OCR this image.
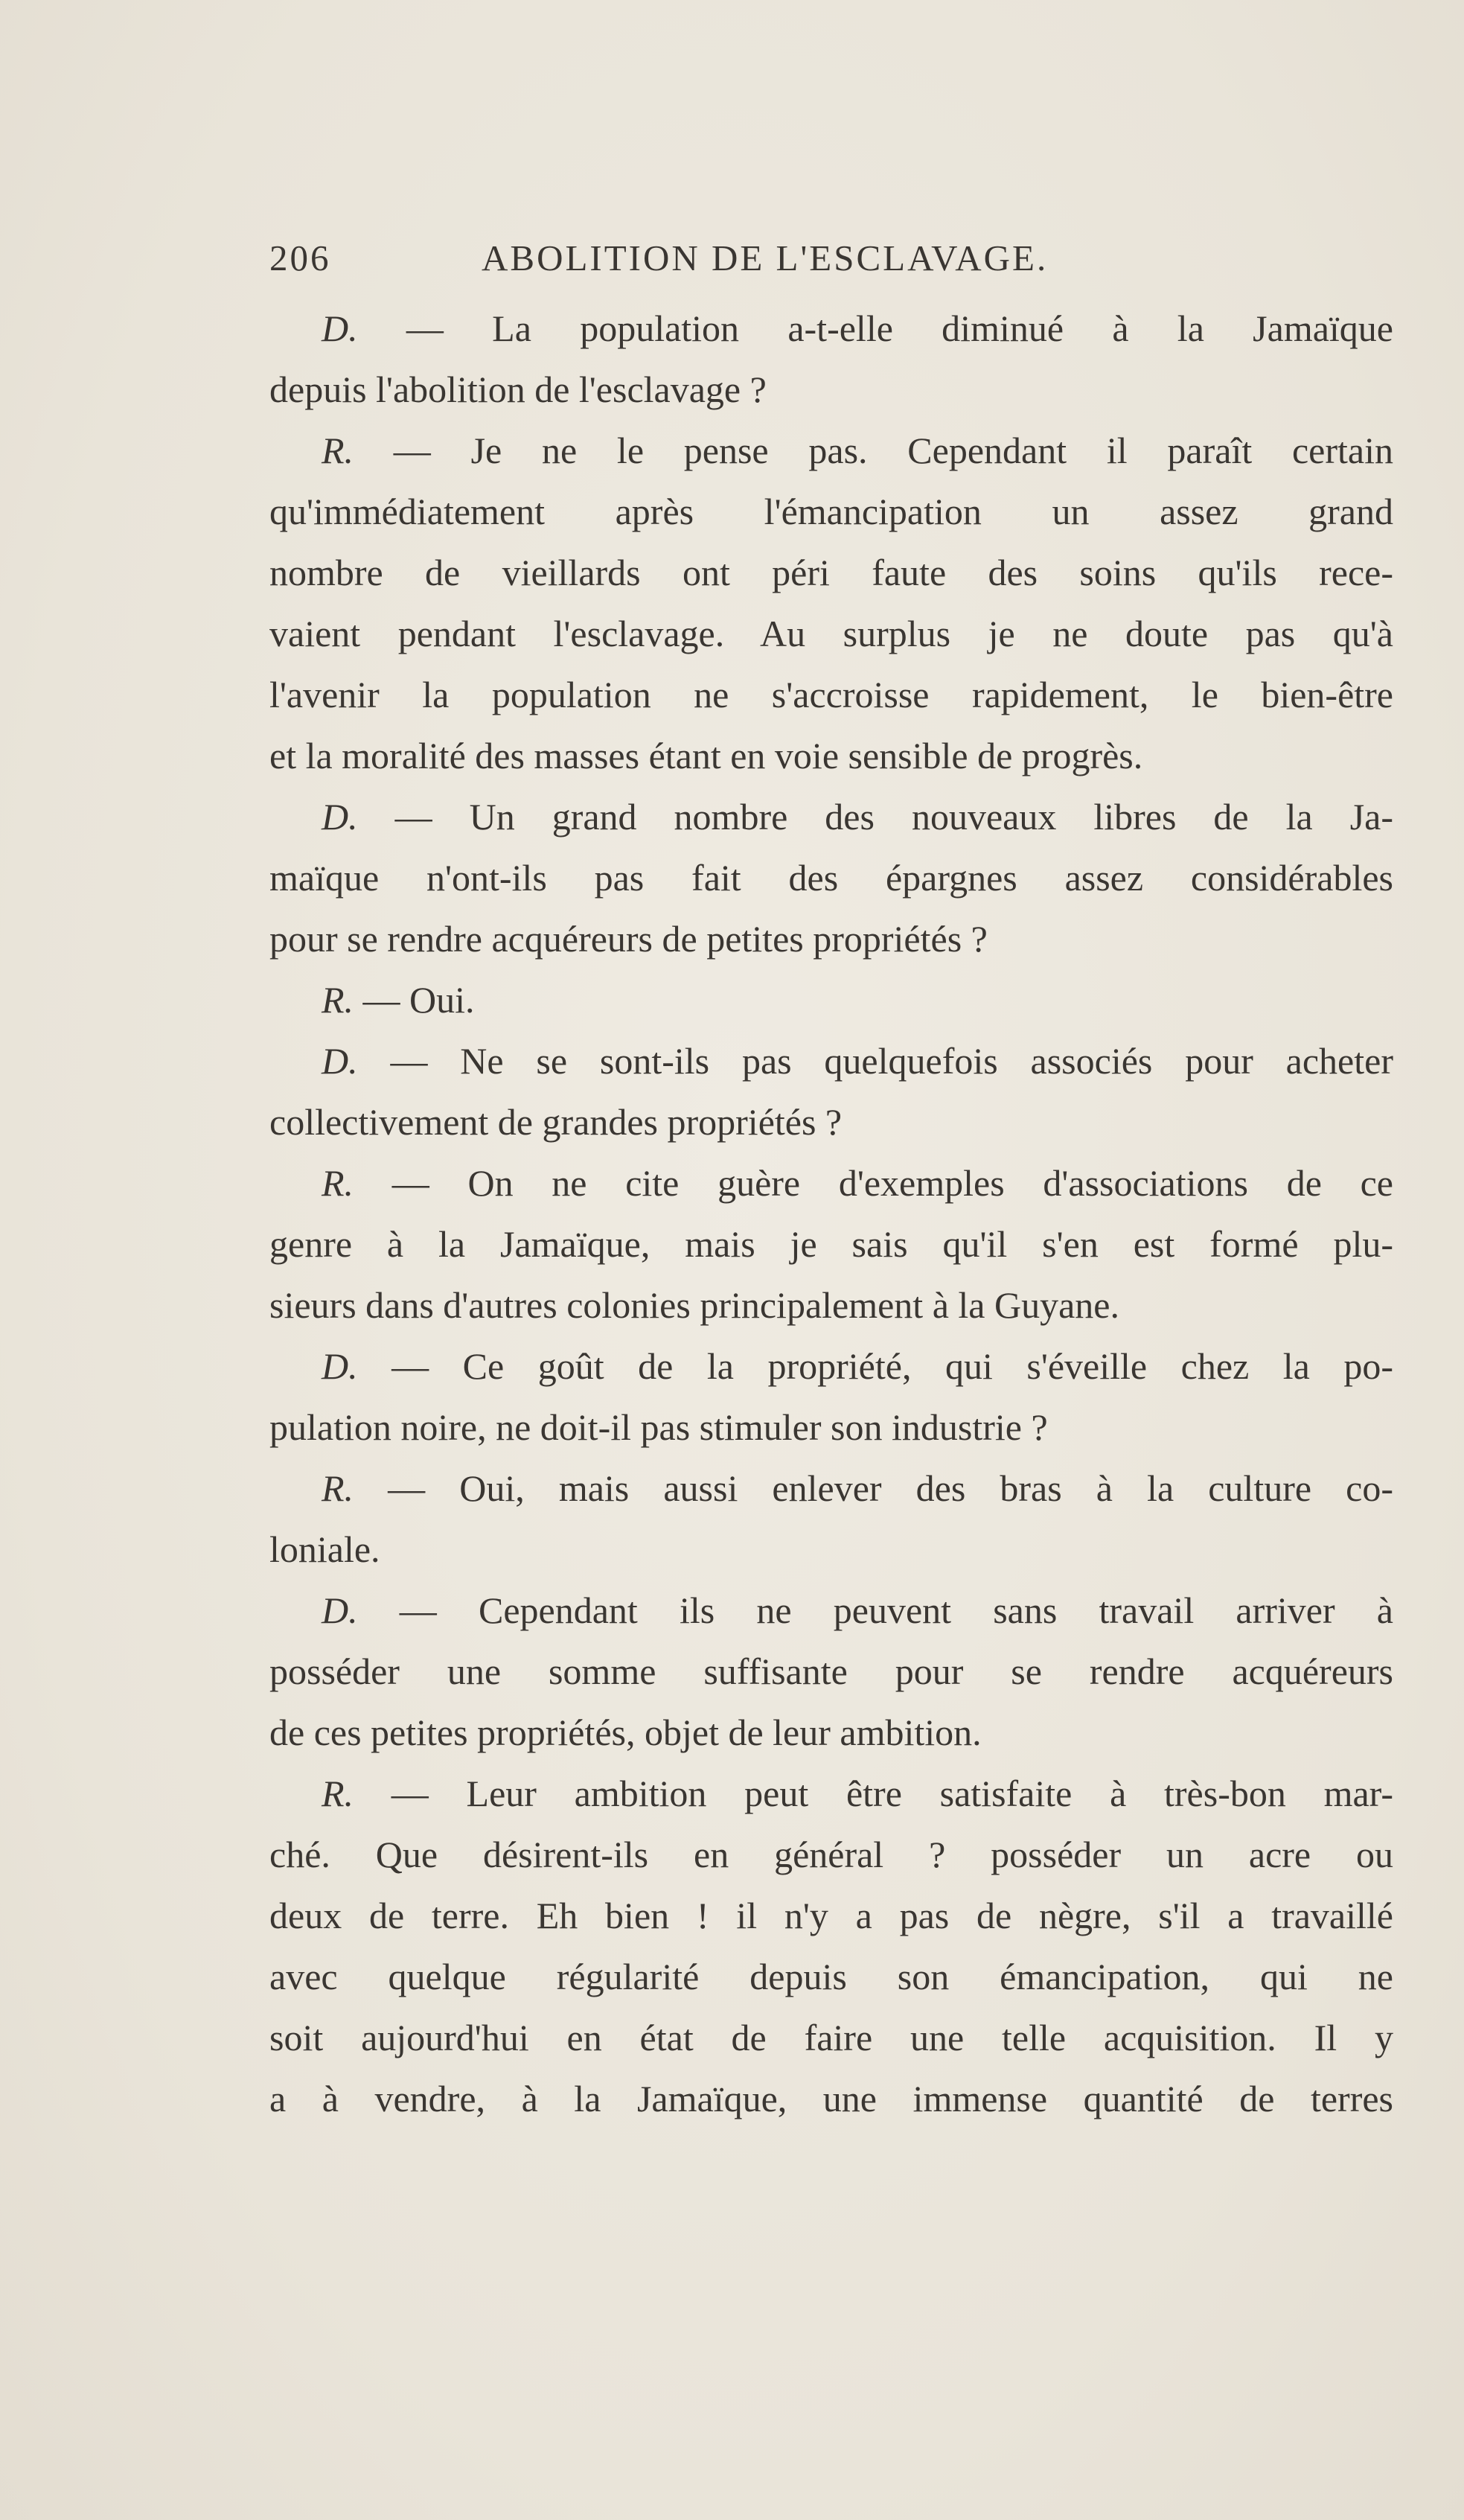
206	ABOLITION DE L'ESCLAVAGE.
D. — La population a-t-elle diminué à la Jamaïque
depuis l'abolition de l'esclavage ?
R. — Je ne le pense pas. Cependant il paraît certain
qu'immédiatement après l'émancipation un assez grand
nombre de vieillards ont péri faute des soins qu'ils rece-
vaient pendant l'esclavage. Au surplus je ne doute pas qu'à
l'avenir la population ne s'accroisse rapidement, le bien-être
et la moralité des masses étant en voie sensible de progrès.
D. — Un grand nombre des nouveaux libres de la Ja-
maïque n'ont-ils pas fait des épargnes assez considérables
pour se rendre acquéreurs de petites propriétés ?
R. — Oui.
D. — Ne se sont-ils pas quelquefois associés pour acheter
collectivement de grandes propriétés ?
R. — On ne cite guère d'exemples d'associations de ce
genre à la Jamaïque, mais je sais qu'il s'en est formé plu-
sieurs dans d'autres colonies principalement à la Guyane.
D. — Ce goût de la propriété, qui s'éveille chez la po-
pulation noire, ne doit-il pas stimuler son industrie ?
R. — Oui, mais aussi enlever des bras à la culture co-
loniale.
D. — Cependant ils ne peuvent sans travail arriver à
posséder une somme suffisante pour se rendre acquéreurs
de ces petites propriétés, objet de leur ambition.
R. — Leur ambition peut être satisfaite à très-bon mar-
ché. Que désirent-ils en général ? posséder un acre ou
deux de terre. Eh bien ! il n'y a pas de nègre, s'il a travaillé
avec quelque régularité depuis son émancipation, qui ne
soit aujourd'hui en état de faire une telle acquisition. Il y
a à vendre, à la Jamaïque, une immense quantité de terres
